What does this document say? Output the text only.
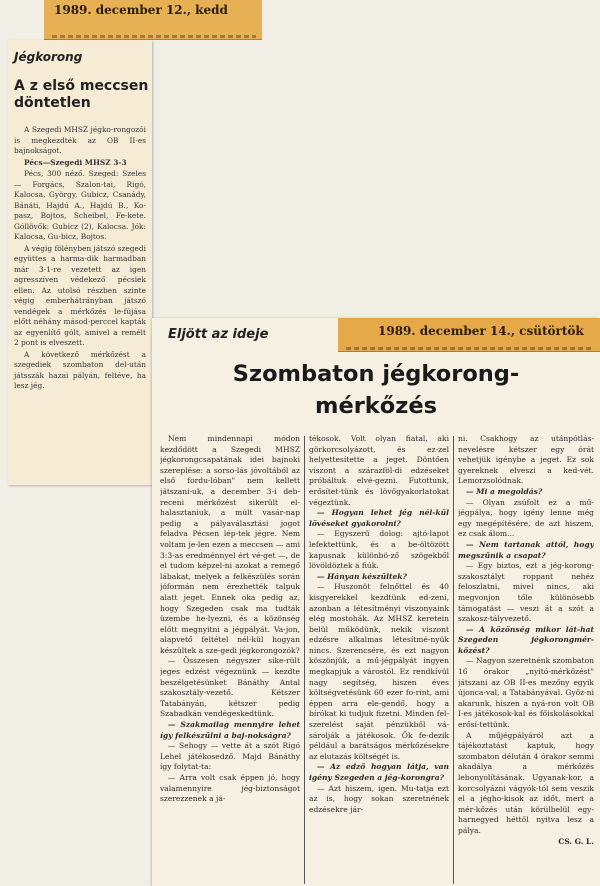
1989. december 12., kedd
Jégkorong
A z első meccsen
döntetlen

A Szegedi MHSZ jégko-rongozói is megkezdték az OB II-es bajnokságot.

Pécs—Szegedi MHSZ 3-3

Pécs, 300 néző. Szeged: Szeles — Forgács, Szalon-tai, Rigó, Kalocsa, György, Gubicz, Csanády, Bánáti, Hajdú A., Hajdú B., Ko-pasz, Bojtos, Scheibel, Fe-kete. Góllövők: Gubicz (2), Kalocsa. Jók: Kalocsa, Gu-bicz, Bojtos.

A végig fölényben játszó szegedi együttes a harma-dik harmadban már 3-1-re vezetett az igen agresszíven védekező pécsiek ellen. Az utolsó részben szinte végig emberhátrányban játszó vendégek a mérkőzés le-fújása előtt néhány másod-perccel kapták az egyenlítő gólt, amivel a remélt 2 pont is elveszett.

A következő mérkőzést a szegediek szombaton del-után játsszák hazai pályán, feltéve, ha lesz jég.

Eljött az ideje	1989. december 14., csütörtök
Szombaton jégkorong-
mérkőzés

Nem mindennapi módon kezdődött a Szegedi MHSZ jégkorongcsapatának idei bajnoki szereplése: a sorso-lás jóvoltából az első fordu-lóban" nem kellett játszani-uk, a december 3-i deb-receni mérkőzést sikerült el-halasztaniuk, a múlt vasár-nap pedig a pályaválasztási jogot feladva Pécsen lép-tek jégre. Nem voltam je-len ezen a meccsen — ami 3:3-as eredménnyel ért vé-get —, de el tudom képzel-ni azokat a remegő lábakat, melyek a felkészülés során jóformán nem érezhették talpuk alatt jeget. Ennek oka pedig az, hogy Szegeden csak ma tudták üzembe he-lyezni, és a közönség előtt megnyitni a jégpályát. Va-jon, alapvető feltétel nél-kül hogyan készültek a sze-gedi jégkorongozók?

— Összesen négyszer sike-rült jeges edzést végeznünk — kezdte beszélgetésünket Bánáthy Antal szakosztály-vezető. Kétszer Tatabányán, kétszer pedig Szabadkán vendégeskedtünk.

— Szakmailag mennyire lehet így felkészülni a baj-nokságra?

— Sehogy — vette át a szót Rigó Lehel játékosedző. Majd Bánáthy így folytat-ta:

— Arra volt csak éppen jó, hogy valamennyire jég-biztonságot szerezzenek a já-

tékosok. Volt olyan fiatal, aki görkorcsolyázott, és ez-zel helyettesítette a jeget. Döntően viszont a szárazföl-di edzéseket próbáltuk elvé-gezni. Futottunk, erősítet-tünk és lövőgyakorlatokat végeztünk.

— Hogyan lehet jég nél-kül lövéseket gyakorolni?

— Egyszerű dolog: ajtó-lapot lefektettünk, és a be-öltözött kapusnak különbö-ző szögekből lövöldöztek a fiúk.

— Hányan készültek?

— Huszonöt felnőttel és 40 kisgyerekkel kezdtünk ed-zeni, azonban a létesítményi viszonyaink elég mostohák. Az MHSZ keretein belül működünk, nekik viszont edzésre alkalmas létesítmé-nyük nincs. Szerencsére, és ezt nagyon köszönjük, a mű-jégpályát ingyen megkapjuk a várostól. Ez rendkívül nagy segítség, hiszen éves költségvetésünk 60 ezer fo-rint, ami éppen arra ele-gendő, hogy a bírókat ki tudjuk fizetni. Minden fel-szerelést saját pénzükből vá-sárolják a játékosok. Ők fe-dezik például a barátságos mérkőzésekre az elutazás költségét is.

— Az edző hogyan látja, van igény Szegeden a jég-korongra?

— Azt hiszem, igen. Mu-tatja ezt az is, hogy sokan szeretnének edzésekre jár-

ni. Csakhogy az utánpótlás-nevelésre kétszer egy órát vehetjük igénybe a jeget. Ez sok gyereknek elveszi a ked-vét. Lemorzsolódnak.

— Mi a megoldás?

— Olyan zsúfolt ez a mű-jégpálya, hogy igény lenne még egy megépítésére, de azt hiszem, ez csak álom...

— Nem tartanak attól, hogy megszűnik a csapat?

— Egy biztos, ezt a jég-korong-szakosztályt roppant nehéz feloszlatni, mivel nincs, aki megvonjon tőle különösebb támogatást — veszi át a szót a szakosz-tályvezető.

— A közönség mikor lát-hat Szegeden jégkorongmér-kőzést?

— Nagyon szeretnénk szombaton 16 órakor „nyitó-mérkőzést" játszani az OB II-es mezőny egyik újonca-val, a Tatabányával. Győz-ni akarunk, hiszen a nyá-ron volt OB I-es játékosok-kal és főiskolásokkal erősí-tettünk.

A műjégpályáról azt a tájékoztatást kaptuk, hogy szombaton délután 4 órakor semmi akadálya a mérkőzés lebonyolításának. Ugyanak-kor, a korcsolyázni vágyók-tól sem veszik el a jégho-kisok az időt, mert a mér-kőzés után körülbelül egy-harnegyed héttől nyitva lesz a pálya.

CS. G. L.
